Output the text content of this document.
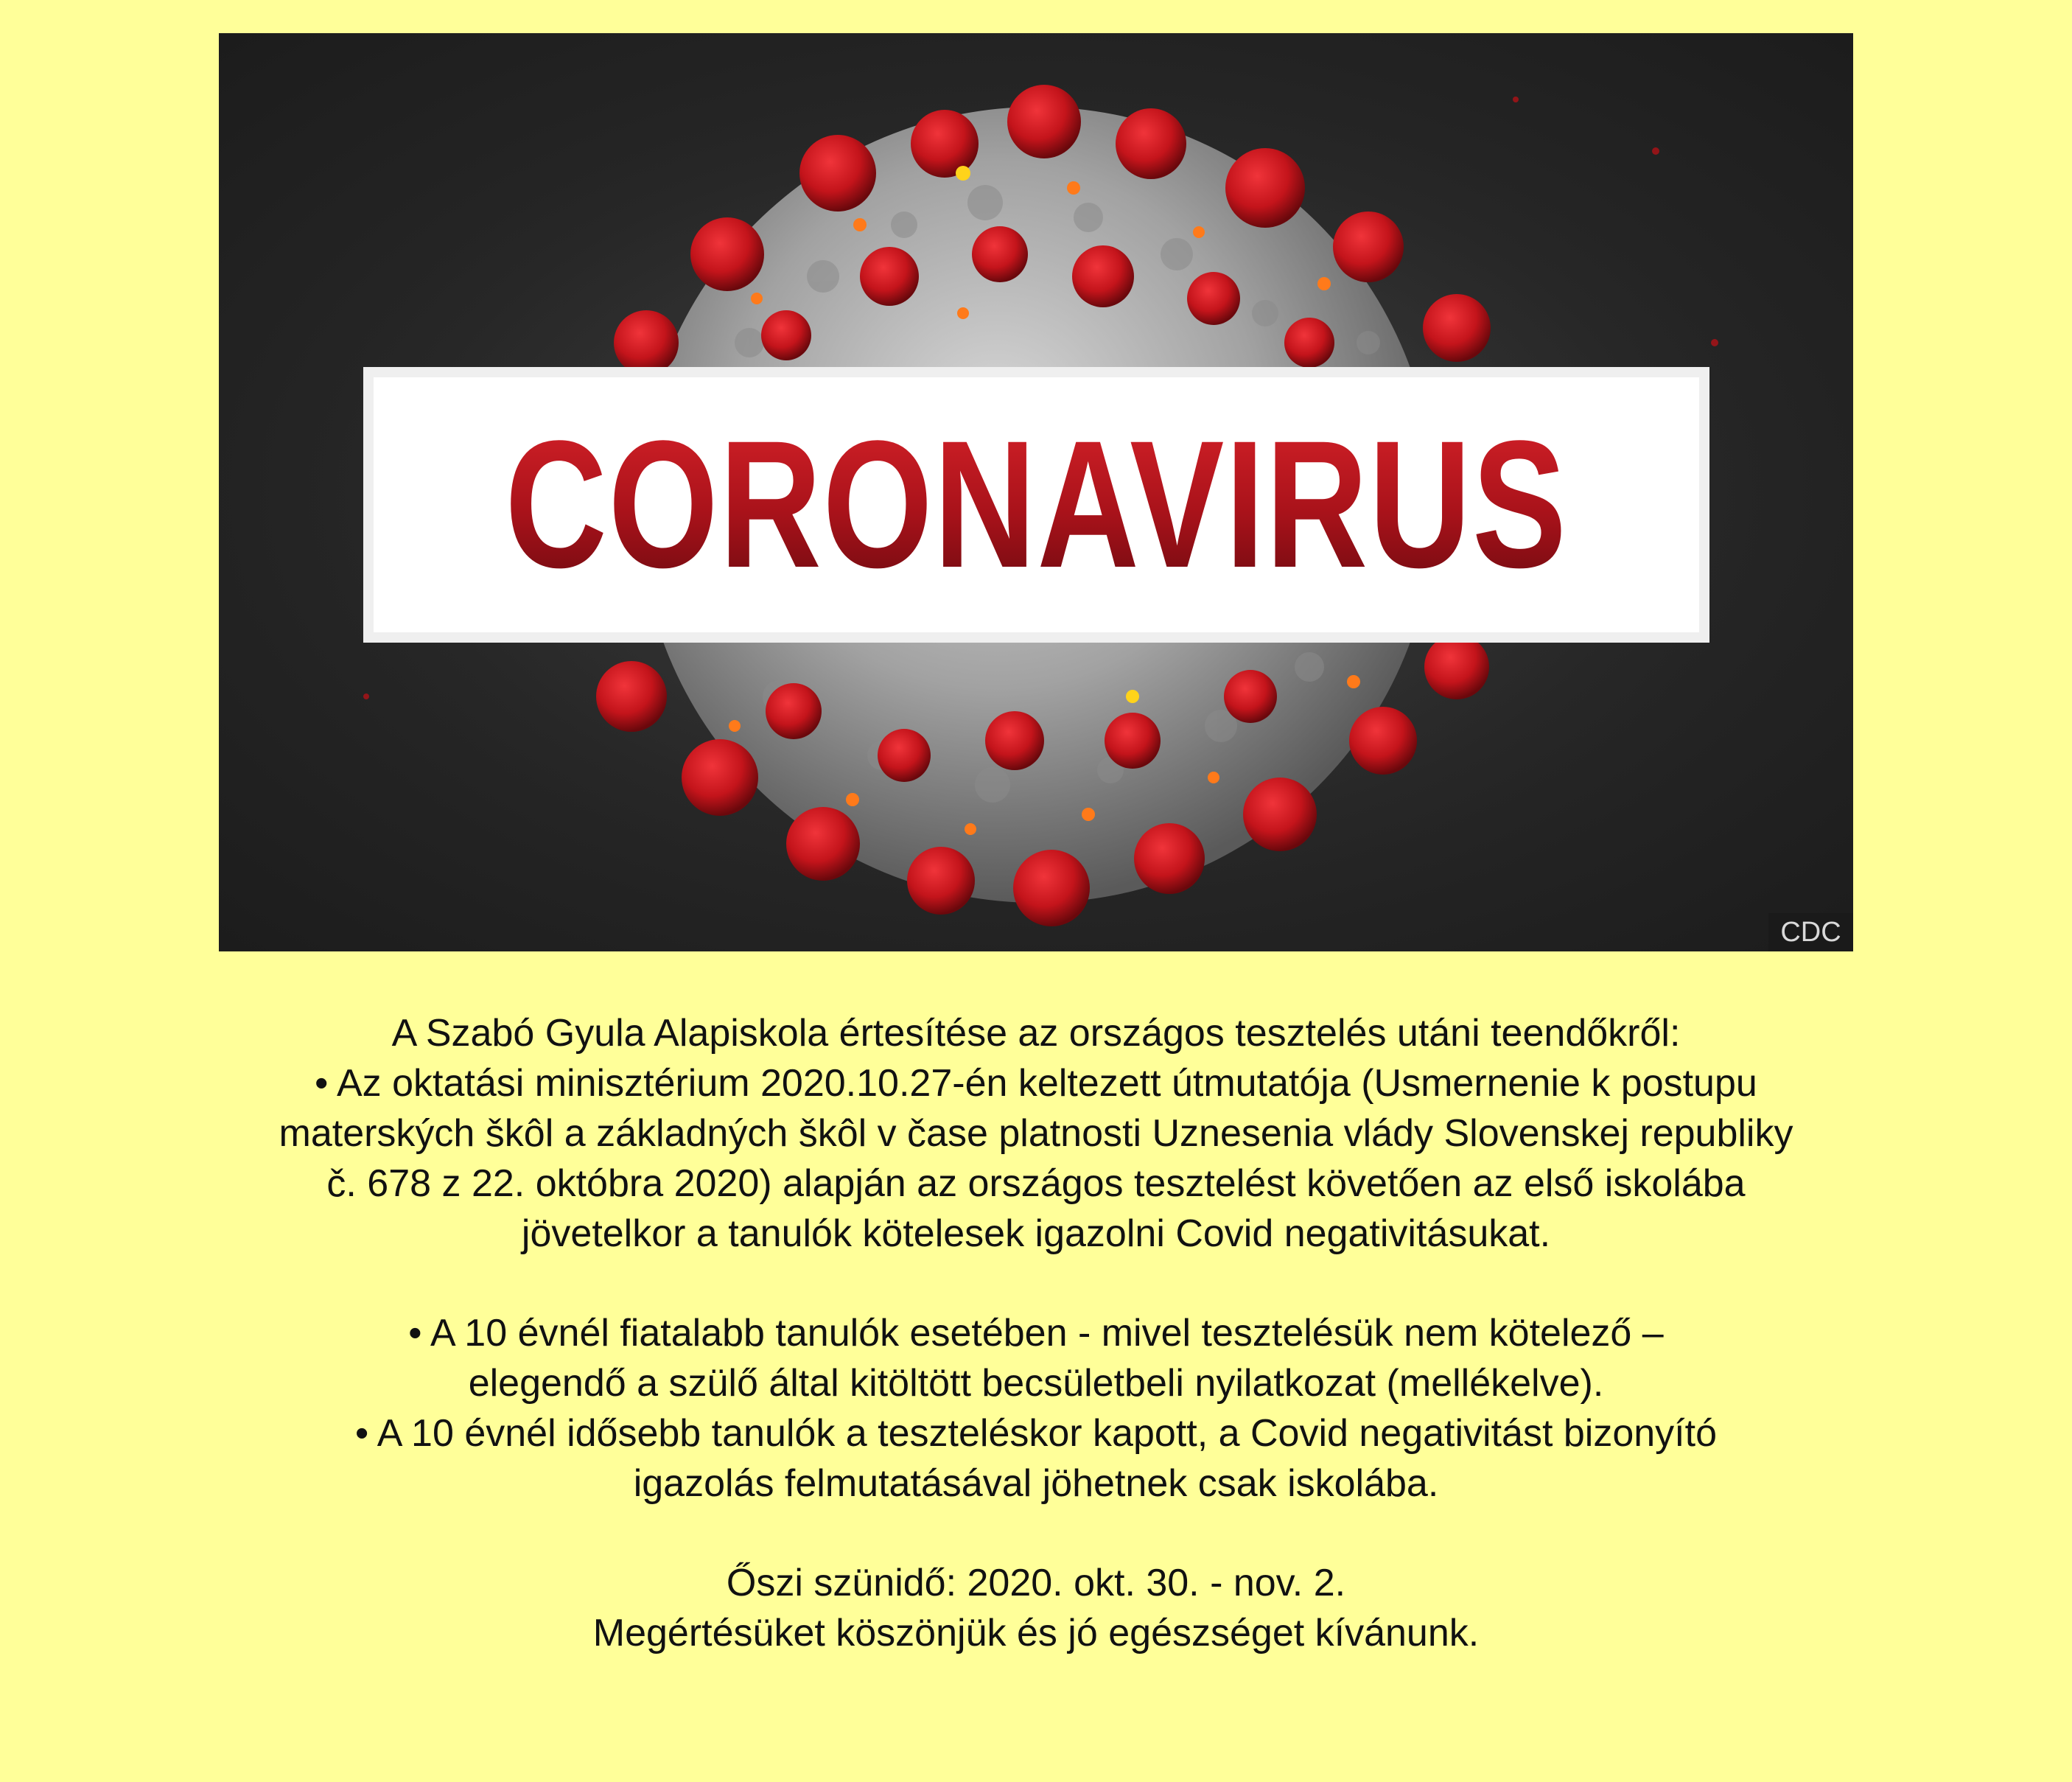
CORONAVIRUS
CDC
A Szabó Gyula Alapiskola értesítése az országos tesztelés utáni teendőkről:
• Az oktatási minisztérium 2020.10.27-én keltezett útmutatója (Usmernenie k postupu
materských škôl a základných škôl v čase platnosti Uznesenia vlády Slovenskej republiky
č. 678 z 22. októbra 2020) alapján az országos tesztelést követően az első iskolába
jövetelkor a tanulók kötelesek igazolni Covid negativitásukat.
• A 10 évnél fiatalabb tanulók esetében - mivel tesztelésük nem kötelező –
elegendő a szülő által kitöltött becsületbeli nyilatkozat (mellékelve).
• A 10 évnél idősebb tanulók a teszteléskor kapott, a Covid negativitást bizonyító
igazolás felmutatásával jöhetnek csak iskolába.
Őszi szünidő: 2020. okt. 30. - nov. 2.
Megértésüket köszönjük és jó egészséget kívánunk.
